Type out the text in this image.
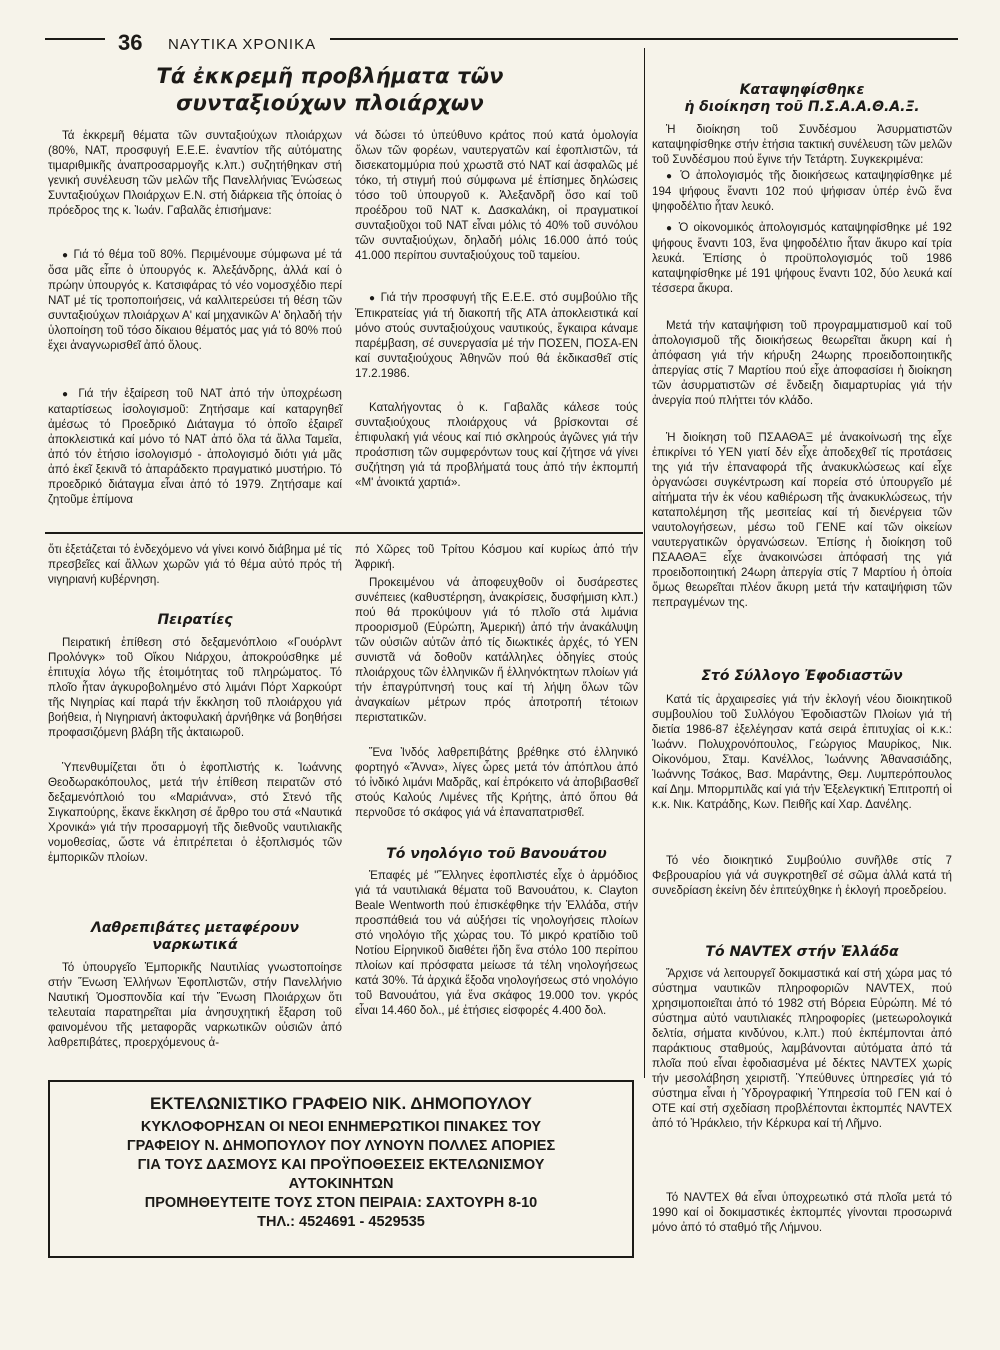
36 ΝΑΥΤΙΚΑ ΧΡΟΝΙΚΑ
Τά ἐκκρεμῆ προβλήματα τῶν
συνταξιούχων πλοιάρχων

Τά ἐκκρεμῆ θέματα τῶν συνταξιούχων πλοιάρχων (80%, ΝΑΤ, προσφυγή Ε.Ε.Ε. ἐναντίον τῆς αὐτόματης τιμαριθμικῆς ἀναπροσαρμογῆς κ.λπ.) συζητήθηκαν στή γενική συνέλευση τῶν μελῶν τῆς Πανελλήνιας Ἑνώσεως Συνταξιούχων Πλοιάρχων Ε.Ν. στή διάρκεια τῆς ὁποίας ὁ πρόεδρος της κ. Ἰωάν. Γαβαλᾶς ἐπισήμανε:

● Γιά τό θέμα τοῦ 80%. Περιμένουμε σύμφωνα μέ τά ὅσα μᾶς εἶπε ὁ ὑπουργός κ. Ἀλεξάνδρης, ἀλλά καί ὁ πρώην ὑπουργός κ. Κατσιφάρας τό νέο νομοσχέδιο περί ΝΑΤ μέ τίς τροποποιήσεις, νά καλλιτερεύσει τή θέση τῶν συνταξιούχων πλοιάρχων Α' καί μηχανικῶν Α' δηλαδή τήν ὑλοποίηση τοῦ τόσο δίκαιου θέματός μας γιά τό 80% πού ἔχει ἀναγνωρισθεῖ ἀπό ὅλους.

● Γιά τήν ἐξαίρεση τοῦ ΝΑΤ ἀπό τήν ὑποχρέωση καταρτίσεως ἰσολογισμοῦ: Ζητήσαμε καί καταργηθεῖ ἀμέσως τό Προεδρικό Διάταγμα τό ὁποῖο ἐξαιρεῖ ἀποκλειστικά καί μόνο τό ΝΑΤ ἀπό ὅλα τά ἄλλα Ταμεῖα, ἀπό τόν ἐτήσιο ἰσολογισμό - ἀπολογισμό διότι γιά μᾶς ἀπό ἐκεῖ ξεκινᾶ τό ἀπαράδεκτο πραγματικό μυστήριο. Τό προεδρικό διάταγμα εἶναι ἀπό τό 1979. Ζητήσαμε καί ζητοῦμε ἐπίμονα

νά δώσει τό ὑπεύθυνο κράτος πού κατά ὁμολογία ὅλων τῶν φορέων, ναυτεργατῶν καί ἐφοπλιστῶν, τά δισεκατομμύρια πού χρωστᾶ στό ΝΑΤ καί ἀσφαλῶς μέ τόκο, τή στιγμή πού σύμφωνα μέ ἐπίσημες δηλώσεις τόσο τοῦ ὑπουργοῦ κ. Ἀλεξανδρῆ ὅσο καί τοῦ προέδρου τοῦ ΝΑΤ κ. Δασκαλάκη, οἱ πραγματικοί συνταξιοῦχοι τοῦ ΝΑΤ εἶναι μόλις τό 40% τοῦ συνόλου τῶν συνταξιούχων, δηλαδή μόλις 16.000 ἀπό τούς 41.000 περίπου συνταξιούχους τοῦ ταμείου.

● Γιά τήν προσφυγή τῆς Ε.Ε.Ε. στό συμβούλιο τῆς Ἐπικρατείας γιά τή διακοπή τῆς ΑΤΑ ἀποκλειστικά καί μόνο στούς συνταξιούχους ναυτικούς, ἔγκαιρα κάναμε παρέμβαση, σέ συνεργασία μέ τήν ΠΟΣΕΝ, ΠΟΣΑ-ΕΝ καί συνταξιούχους Ἀθηνῶν πού θά ἐκδικασθεῖ στίς 17.2.1986.

Καταλήγοντας ὁ κ. Γαβαλᾶς κάλεσε τούς συνταξιούχους πλοιάρχους νά βρίσκονται σέ ἐπιφυλακή γιά νέους καί πιό σκληρούς ἀγῶνες γιά τήν προάσπιση τῶν συμφερόντων τους καί ζήτησε νά γίνει συζήτηση γιά τά προβλήματά τους ἀπό τήν ἐκπομπή «Μ' ἀνοικτά χαρτιά».

ὅτι ἐξετάζεται τό ἐνδεχόμενο νά γίνει κοινό διάβημα μέ τίς πρεσβεῖες καί ἄλλων χωρῶν γιά τό θέμα αὐτό πρός τή νιγηριανή κυβέρνηση.

Πειρατίες

Πειρατική ἐπίθεση στό δεξαμενόπλοιο «Γουόρλντ Προλόνγκ» τοῦ Οἴκου Νιάρχου, ἀποκρούσθηκε μέ ἐπιτυχία λόγω τῆς ἑτοιμότητας τοῦ πληρώματος. Τό πλοῖο ἦταν ἀγκυροβολημένο στό λιμάνι Πόρτ Χαρκούρτ τῆς Νιγηρίας καί παρά τήν ἔκκληση τοῦ πλοιάρχου γιά βοήθεια, ἡ Νιγηριανή ἀκτοφυλακή ἀρνήθηκε νά βοηθήσει προφασιζόμενη βλάβη τῆς ἀκταιωροῦ.

Ὑπενθυμίζεται ὅτι ὁ ἐφοπλιστής κ. Ἰωάννης Θεοδωρακόπουλος, μετά τήν ἐπίθεση πειρατῶν στό δεξαμενόπλοιό του «Μαριάννα», στό Στενό τῆς Σιγκαπούρης, ἔκανε ἔκκληση σέ ἄρθρο του στά «Ναυτικά Χρονικά» γιά τήν προσαρμογή τῆς διεθνοῦς ναυτιλιακῆς νομοθεσίας, ὥστε νά ἐπιτρέπεται ὁ ἐξοπλισμός τῶν ἐμπορικῶν πλοίων.

Λαθρεπιβάτες μεταφέρουν
ναρκωτικά

Τό ὑπουργεῖο Ἐμπορικῆς Ναυτιλίας γνωστοποίησε στήν Ἕνωση Ἑλλήνων Ἐφοπλιστῶν, στήν Πανελλήνιο Ναυτική Ὁμοσπονδία καί τήν Ἕνωση Πλοιάρχων ὅτι τελευταία παρατηρεῖται μία ἀνησυχητική ἔξαρση τοῦ φαινομένου τῆς μεταφορᾶς ναρκωτικῶν οὐσιῶν ἀπό λαθρεπιβάτες, προερχόμενους ἀ-

πό Χῶρες τοῦ Τρίτου Κόσμου καί κυρίως ἀπό τήν Ἀφρική.

Προκειμένου νά ἀποφευχθοῦν οἱ δυσάρεστες συνέπειες (καθυστέρηση, ἀνακρίσεις, δυσφήμιση κλπ.) πού θά προκύψουν γιά τό πλοῖο στά λιμάνια προορισμοῦ (Εὐρώπη, Ἀμερική) ἀπό τήν ἀνακάλυψη τῶν οὐσιῶν αὐτῶν ἀπό τίς διωκτικές ἀρχές, τό ΥΕΝ συνιστᾶ νά δοθοῦν κατάλληλες ὁδηγίες στούς πλοιάρχους τῶν ἑλληνικῶν ἤ ἑλληνόκτητων πλοίων γιά τήν ἐπαγρύπνησή τους καί τή λήψη ὅλων τῶν ἀναγκαίων μέτρων πρός ἀποτροπή τέτοιων περιστατικῶν.

Ἕνα Ἰνδός λαθρεπιβάτης βρέθηκε στό ἑλληνικό φορτηγό «Ἄννα», λίγες ὧρες μετά τόν ἀπόπλου ἀπό τό ἰνδικό λιμάνι Μαδρᾶς, καί ἐπρόκειτο νά ἀποβιβασθεῖ στούς Καλούς Λιμένες τῆς Κρήτης, ἀπό ὅπου θά περνοῦσε τό σκάφος γιά νά ἐπαναπατρισθεῖ.

Τό νηολόγιο τοῦ Βανουάτου

Ἐπαφές μέ "Ἕλληνες ἐφοπλιστές εἶχε ὁ ἁρμόδιος γιά τά ναυτιλιακά θέματα τοῦ Βανουάτου, κ. Clayton Beale Wentworth πού ἐπισκέφθηκε τήν Ἑλλάδα, στήν προσπάθειά του νά αὐξήσει τίς νηολογήσεις πλοίων στό νηολόγιο τῆς χώρας του. Τό μικρό κρατίδιο τοῦ Νοτίου Εἰρηνικοῦ διαθέτει ἤδη ἕνα στόλο 100 περίπου πλοίων καί πρόσφατα μείωσε τά τέλη νηολογήσεως κατά 30%. Τά ἀρχικά ἔξοδα νηολογήσεως στό νηολόγιο τοῦ Βανουάτου, γιά ἕνα σκάφος 19.000 τον. γκρός εἶναι 14.460 δολ., μέ ἐτήσιες εἰσφορές 4.400 δολ.

Καταψηφίσθηκε
ἡ διοίκηση τοῦ Π.Σ.Α.Α.Θ.Α.Ξ.

Ἡ διοίκηση τοῦ Συνδέσμου Ἀσυρματιστῶν καταψηφίσθηκε στήν ἐτήσια τακτική συνέλευση τῶν μελῶν τοῦ Συνδέσμου πού ἔγινε τήν Τετάρτη. Συγκεκριμένα:

● Ὁ ἀπολογισμός τῆς διοικήσεως καταψηφίσθηκε μέ 194 ψήφους ἔναντι 102 πού ψήφισαν ὑπέρ ἐνῶ ἕνα ψηφοδέλτιο ἦταν λευκό.

● Ὁ οἰκονομικός ἀπολογισμός καταψηφίσθηκε μέ 192 ψήφους ἔναντι 103, ἕνα ψηφοδέλτιο ἦταν ἄκυρο καί τρία λευκά. Ἐπίσης ὁ προϋπολογισμός τοῦ 1986 καταψηφίσθηκε μέ 191 ψήφους ἔναντι 102, δύο λευκά καί τέσσερα ἄκυρα.

Μετά τήν καταψήφιση τοῦ προγραμματισμοῦ καί τοῦ ἀπολογισμοῦ τῆς διοικήσεως θεωρεῖται ἄκυρη καί ἡ ἀπόφαση γιά τήν κήρυξη 24ωρης προειδοποιητικῆς ἀπεργίας στίς 7 Μαρτίου πού εἶχε ἀποφασίσει ἡ διοίκηση τῶν ἀσυρματιστῶν σέ ἔνδειξη διαμαρτυρίας γιά τήν ἀνεργία πού πλήττει τόν κλάδο.

Ἡ διοίκηση τοῦ ΠΣΑΑΘΑΞ μέ ἀνακοίνωσή της εἶχε ἐπικρίνει τό ΥΕΝ γιατί δέν εἶχε ἀποδεχθεῖ τίς προτάσεις της γιά τήν ἐπαναφορά τῆς ἀνακυκλώσεως καί εἶχε ὀργανώσει συγκέντρωση καί πορεία στό ὑπουργεῖο μέ αἰτήματα τήν ἐκ νέου καθιέρωση τῆς ἀνακυκλώσεως, τήν καταπολέμηση τῆς μεσιτείας καί τή διενέργεια τῶν ναυτολογήσεων, μέσω τοῦ ΓΕΝΕ καί τῶν οἰκείων ναυτεργατικῶν ὀργανώσεων. Ἐπίσης ἡ διοίκηση τοῦ ΠΣΑΑΘΑΞ εἶχε ἀνακοινώσει ἀπόφασή της γιά προειδοποιητική 24ωρη ἀπεργία στίς 7 Μαρτίου ἡ ὁποία ὅμως θεωρεῖται πλέον ἄκυρη μετά τήν καταψήφιση τῶν πεπραγμένων της.

Στό Σύλλογο Ἐφοδιαστῶν

Κατά τίς ἀρχαιρεσίες γιά τήν ἐκλογή νέου διοικητικοῦ συμβουλίου τοῦ Συλλόγου Ἐφοδιαστῶν Πλοίων γιά τή διετία 1986-87 ἐξελέγησαν κατά σειρά ἐπιτυχίας οἱ κ.κ.: Ἰωάνν. Πολυχρονόπουλος, Γεώργιος Μαυρίκος, Νικ. Οἰκονόμου, Σταμ. Κανέλλος, Ἰωάννης Ἀθανασιάδης, Ἰωάννης Τσάκος, Βασ. Μαράντης, Θεμ. Λυμπερόπουλος καί Δημ. Μπορμπιλᾶς καί γιά τήν Ἐξελεγκτική Ἐπιτροπή οἱ κ.κ. Νικ. Κατράδης, Κων. Πειθῆς καί Χαρ. Δανέλης.

Τό νέο διοικητικό Συμβούλιο συνῆλθε στίς 7 Φεβρουαρίου γιά νά συγκροτηθεῖ σέ σῶμα ἀλλά κατά τή συνεδρίαση ἐκείνη δέν ἐπιτεύχθηκε ἡ ἐκλογή προεδρείου.

Τό NAVTEX στήν Ἑλλάδα

Ἄρχισε νά λειτουργεῖ δοκιμαστικά καί στή χώρα μας τό σύστημα ναυτικῶν πληροφοριῶν NAVTEX, πού χρησιμοποιεῖται ἀπό τό 1982 στή Βόρεια Εὐρώπη. Μέ τό σύστημα αὐτό ναυτιλιακές πληροφορίες (μετεωρολογικά δελτία, σήματα κινδύνου, κ.λπ.) πού ἐκπέμπονται ἀπό παράκτιους σταθμούς, λαμβάνονται αὐτόματα ἀπό τά πλοῖα πού εἶναι ἐφοδιασμένα μέ δέκτες NAVTEX χωρίς τήν μεσολάβηση χειριστῆ. Ὑπεύθυνες ὑπηρεσίες γιά τό σύστημα εἶναι ἡ Ὑδρογραφική Ὑπηρεσία τοῦ ΓΕΝ καί ὁ ΟΤΕ καί στή σχεδίαση προβλέπονται ἐκπομπές NAVTEX ἀπό τό Ἡράκλειο, τήν Κέρκυρα καί τή Λῆμνο.

Τό NAVTEX θά εἶναι ὑποχρεωτικό στά πλοῖα μετά τό 1990 καί οἱ δοκιμαστικές ἐκπομπές γίνονται προσωρινά μόνο ἀπό τό σταθμό τῆς Λήμνου.

ΕΚΤΕΛΩΝΙΣΤΙΚΟ ΓΡΑΦΕΙΟ ΝΙΚ. ΔΗΜΟΠΟΥΛΟΥ
ΚΥΚΛΟΦΟΡΗΣΑΝ ΟΙ ΝΕΟΙ ΕΝΗΜΕΡΩΤΙΚΟΙ ΠΙΝΑΚΕΣ ΤΟΥ
ΓΡΑΦΕΙΟΥ Ν. ΔΗΜΟΠΟΥΛΟΥ ΠΟΥ ΛΥΝΟΥΝ ΠΟΛΛΕΣ ΑΠΟΡΙΕΣ
ΓΙΑ ΤΟΥΣ ΔΑΣΜΟΥΣ ΚΑΙ ΠΡΟΫΠΟΘΕΣΕΙΣ ΕΚΤΕΛΩΝΙΣΜΟΥ
ΑΥΤΟΚΙΝΗΤΩΝ
ΠΡΟΜΗΘΕΥΤΕΙΤΕ ΤΟΥΣ ΣΤΟΝ ΠΕΙΡΑΙΑ: ΣΑΧΤΟΥΡΗ 8-10
ΤΗΛ.: 4524691 - 4529535
